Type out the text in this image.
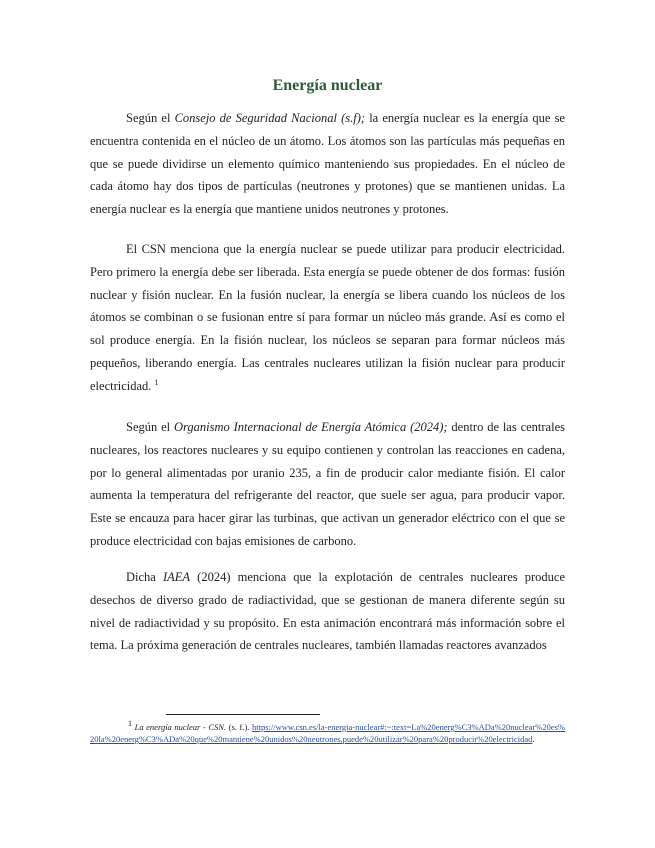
Energía nuclear
Según el Consejo de Seguridad Nacional (s.f); la energía nuclear es la energía que se encuentra contenida en el núcleo de un átomo. Los átomos son las partículas más pequeñas en que se puede dividirse un elemento químico manteniendo sus propiedades. En el núcleo de cada átomo hay dos tipos de partículas (neutrones y protones) que se mantienen unidas. La energía nuclear es la energía que mantiene unidos neutrones y protones.
El CSN menciona que la energía nuclear se puede utilizar para producir electricidad. Pero primero la energía debe ser liberada. Esta energía se puede obtener de dos formas: fusión nuclear y fisión nuclear. En la fusión nuclear, la energía se libera cuando los núcleos de los átomos se combinan o se fusionan entre sí para formar un núcleo más grande. Así es como el sol produce energía. En la fisión nuclear, los núcleos se separan para formar núcleos más pequeños, liberando energía. Las centrales nucleares utilizan la fisión nuclear para producir electricidad. $^1$
Según el Organismo Internacional de Energía Atómica (2024); dentro de las centrales nucleares, los reactores nucleares y su equipo contienen y controlan las reacciones en cadena, por lo general alimentadas por uranio 235, a fin de producir calor mediante fisión. El calor aumenta la temperatura del refrigerante del reactor, que suele ser agua, para producir vapor. Este se encauza para hacer girar las turbinas, que activan un generador eléctrico con el que se produce electricidad con bajas emisiones de carbono.
Dicha IAEA (2024) menciona que la explotación de centrales nucleares produce desechos de diverso grado de radiactividad, que se gestionan de manera diferente según su nivel de radiactividad y su propósito. En esta animación encontrará más información sobre el tema. La próxima generación de centrales nucleares, también llamadas reactores avanzados
$^1$ La energía nuclear - CSN. (s. f.). https://www.csn.es/la-energia-nuclear#:~:text=La%20energ%C3%ADa%20nuclear%20es%20la%20energ%C3%ADa%20que%20mantiene%20unidos%20neutrones,puede%20utilizar%20para%20producir%20electricidad.
